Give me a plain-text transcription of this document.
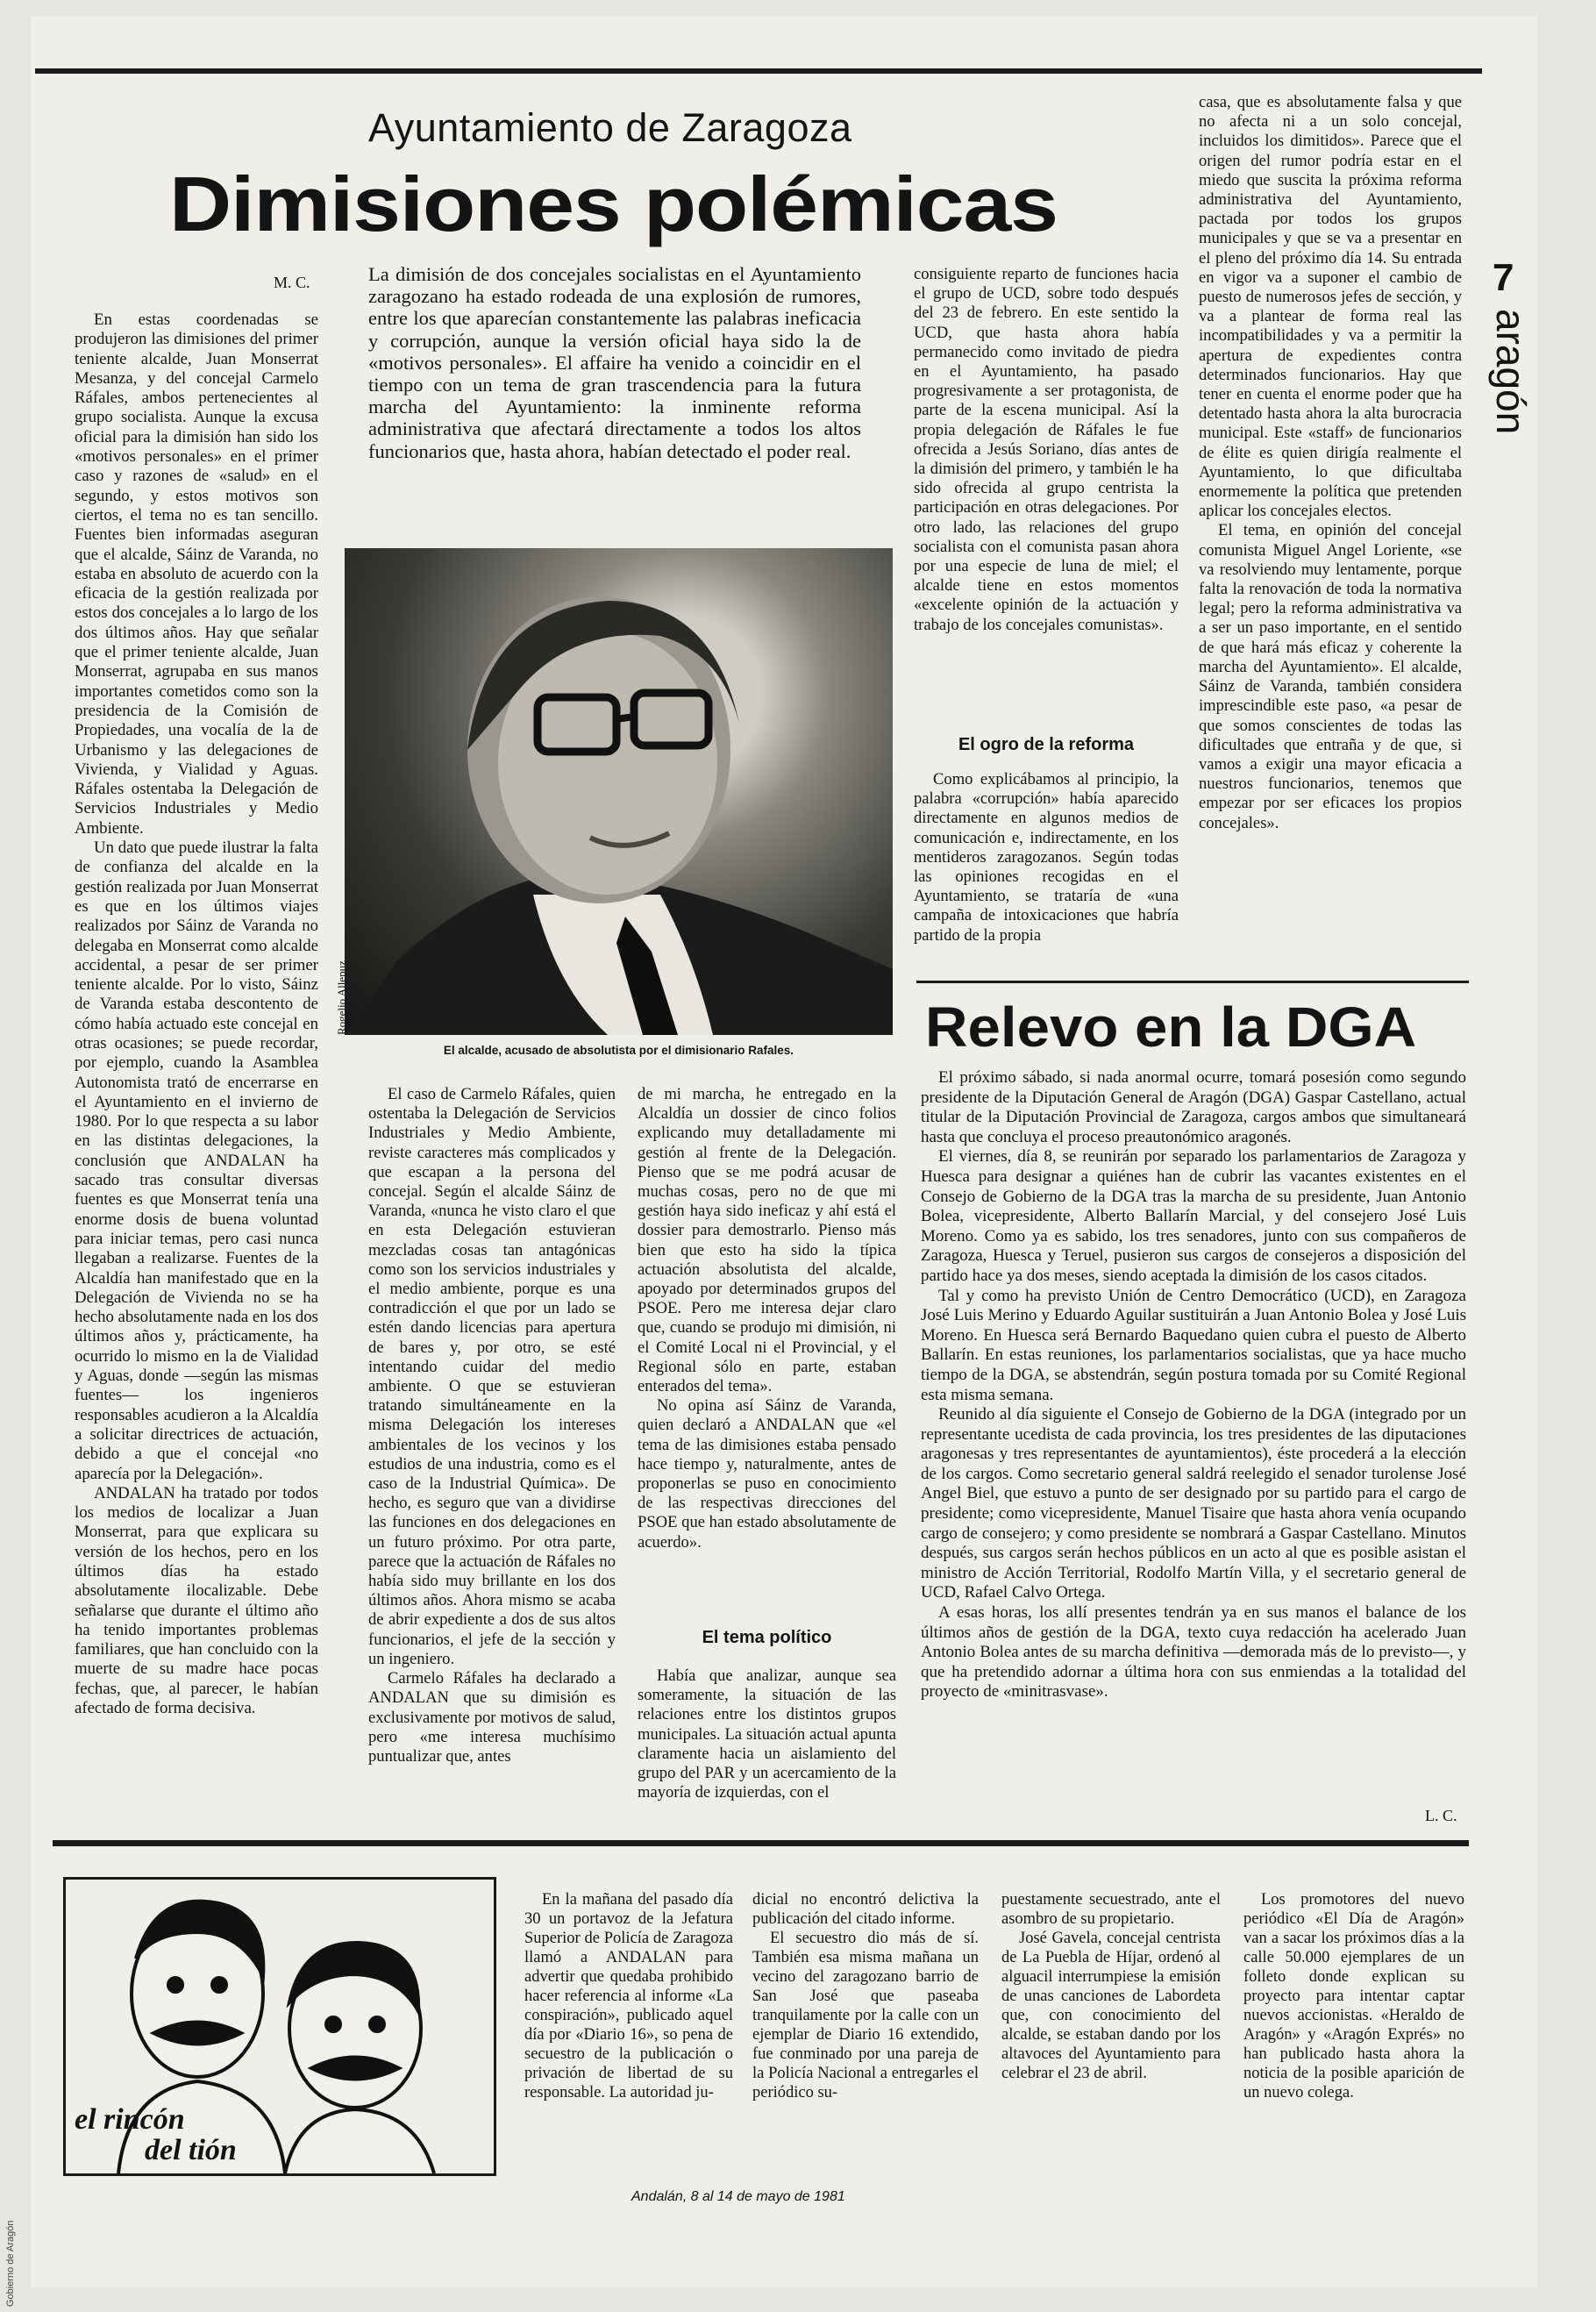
7
aragón
Ayuntamiento de Zaragoza
Dimisiones polémicas
M. C.

En estas coordenadas se produjeron las dimisiones del primer teniente alcalde, Juan Monserrat Mesanza, y del concejal Carmelo Ráfales, ambos pertenecientes al grupo socialista. Aunque la excusa oficial para la dimisión han sido los «motivos personales» en el primer caso y razones de «salud» en el segundo, y estos motivos son ciertos, el tema no es tan sencillo. Fuentes bien informadas aseguran que el alcalde, Sáinz de Varanda, no estaba en absoluto de acuerdo con la eficacia de la gestión realizada por estos dos concejales a lo largo de los dos últimos años. Hay que señalar que el primer teniente alcalde, Juan Monserrat, agrupaba en sus manos importantes cometidos como son la presidencia de la Comisión de Propiedades, una vocalía de la de Urbanismo y las delegaciones de Vivienda, y Vialidad y Aguas. Ráfales ostentaba la Delegación de Servicios Industriales y Medio Ambiente.

Un dato que puede ilustrar la falta de confianza del alcalde en la gestión realizada por Juan Monserrat es que en los últimos viajes realizados por Sáinz de Varanda no delegaba en Monserrat como alcalde accidental, a pesar de ser primer teniente alcalde. Por lo visto, Sáinz de Varanda estaba descontento de cómo había actuado este concejal en otras ocasiones; se puede recordar, por ejemplo, cuando la Asamblea Autonomista trató de encerrarse en el Ayuntamiento en el invierno de 1980. Por lo que respecta a su labor en las distintas delegaciones, la conclusión que ANDALAN ha sacado tras consultar diversas fuentes es que Monserrat tenía una enorme dosis de buena voluntad para iniciar temas, pero casi nunca llegaban a realizarse. Fuentes de la Alcaldía han manifestado que en la Delegación de Vivienda no se ha hecho absolutamente nada en los dos últimos años y, prácticamente, ha ocurrido lo mismo en la de Vialidad y Aguas, donde —según las mismas fuentes— los ingenieros responsables acudieron a la Alcaldía a solicitar directrices de actuación, debido a que el concejal «no aparecía por la Delegación».

ANDALAN ha tratado por todos los medios de localizar a Juan Monserrat, para que explicara su versión de los hechos, pero en los últimos días ha estado absolutamente ilocalizable. Debe señalarse que durante el último año ha tenido importantes problemas familiares, que han concluido con la muerte de su madre hace pocas fechas, que, al parecer, le habían afectado de forma decisiva.

La dimisión de dos concejales socialistas en el Ayuntamiento zaragozano ha estado rodeada de una explosión de rumores, entre los que aparecían constantemente las palabras ineficacia y corrupción, aunque la versión oficial haya sido la de «motivos personales». El affaire ha venido a coincidir en el tiempo con un tema de gran trascendencia para la futura marcha del Ayuntamiento: la inminente reforma administrativa que afectará directamente a todos los altos funcionarios que, hasta ahora, habían detectado el poder real.
Rogelio Allepuz
El alcalde, acusado de absolutista por el dimisionario Rafales.

El caso de Carmelo Ráfales, quien ostentaba la Delegación de Servicios Industriales y Medio Ambiente, reviste caracteres más complicados y que escapan a la persona del concejal. Según el alcalde Sáinz de Varanda, «nunca he visto claro el que en esta Delegación estuvieran mezcladas cosas tan antagónicas como son los servicios industriales y el medio ambiente, porque es una contradicción el que por un lado se estén dando licencias para apertura de bares y, por otro, se esté intentando cuidar del medio ambiente. O que se estuvieran tratando simultáneamente en la misma Delegación los intereses ambientales de los vecinos y los estudios de una industria, como es el caso de la Industrial Química». De hecho, es seguro que van a dividirse las funciones en dos delegaciones en un futuro próximo. Por otra parte, parece que la actuación de Ráfales no había sido muy brillante en los dos últimos años. Ahora mismo se acaba de abrir expediente a dos de sus altos funcionarios, el jefe de la sección y un ingeniero.

Carmelo Ráfales ha declarado a ANDALAN que su dimisión es exclusivamente por motivos de salud, pero «me interesa muchísimo puntualizar que, antes

de mi marcha, he entregado en la Alcaldía un dossier de cinco folios explicando muy detalladamente mi gestión al frente de la Delegación. Pienso que se me podrá acusar de muchas cosas, pero no de que mi gestión haya sido ineficaz y ahí está el dossier para demostrarlo. Pienso más bien que esto ha sido la típica actuación absolutista del alcalde, apoyado por determinados grupos del PSOE. Pero me interesa dejar claro que, cuando se produjo mi dimisión, ni el Comité Local ni el Provincial, y el Regional sólo en parte, estaban enterados del tema».

No opina así Sáinz de Varanda, quien declaró a ANDALAN que «el tema de las dimisiones estaba pensado hace tiempo y, naturalmente, antes de proponerlas se puso en conocimiento de las respectivas direcciones del PSOE que han estado absolutamente de acuerdo».

El tema político

Había que analizar, aunque sea someramente, la situación de las relaciones entre los distintos grupos municipales. La situación actual apunta claramente hacia un aislamiento del grupo del PAR y un acercamiento de la mayoría de izquierdas, con el

consiguiente reparto de funciones hacia el grupo de UCD, sobre todo después del 23 de febrero. En este sentido la UCD, que hasta ahora había permanecido como invitado de piedra en el Ayuntamiento, ha pasado progresivamente a ser protagonista, de parte de la escena municipal. Así la propia delegación de Ráfales le fue ofrecida a Jesús Soriano, días antes de la dimisión del primero, y también le ha sido ofrecida al grupo centrista la participación en otras delegaciones. Por otro lado, las relaciones del grupo socialista con el comunista pasan ahora por una especie de luna de miel; el alcalde tiene en estos momentos «excelente opinión de la actuación y trabajo de los concejales comunistas».

El ogro de la reforma

Como explicábamos al principio, la palabra «corrupción» había aparecido directamente en algunos medios de comunicación e, indirectamente, en los mentideros zaragozanos. Según todas las opiniones recogidas en el Ayuntamiento, se trataría de «una campaña de intoxicaciones que habría partido de la propia

casa, que es absolutamente falsa y que no afecta ni a un solo concejal, incluidos los dimitidos». Parece que el origen del rumor podría estar en el miedo que suscita la próxima reforma administrativa del Ayuntamiento, pactada por todos los grupos municipales y que se va a presentar en el pleno del próximo día 14. Su entrada en vigor va a suponer el cambio de puesto de numerosos jefes de sección, y va a plantear de forma real las incompatibilidades y va a permitir la apertura de expedientes contra determinados funcionarios. Hay que tener en cuenta el enorme poder que ha detentado hasta ahora la alta burocracia municipal. Este «staff» de funcionarios de élite es quien dirigía realmente el Ayuntamiento, lo que dificultaba enormemente la política que pretenden aplicar los concejales electos.

El tema, en opinión del concejal comunista Miguel Angel Loriente, «se va resolviendo muy lentamente, porque falta la renovación de toda la normativa legal; pero la reforma administrativa va a ser un paso importante, en el sentido de que hará más eficaz y coherente la marcha del Ayuntamiento». El alcalde, Sáinz de Varanda, también considera imprescindible este paso, «a pesar de que somos conscientes de todas las dificultades que entraña y de que, si vamos a exigir una mayor eficacia a nuestros funcionarios, tenemos que empezar por ser eficaces los propios concejales».

Relevo en la DGA

El próximo sábado, si nada anormal ocurre, tomará posesión como segundo presidente de la Diputación General de Aragón (DGA) Gaspar Castellano, actual titular de la Diputación Provincial de Zaragoza, cargos ambos que simultaneará hasta que concluya el proceso preautonómico aragonés.

El viernes, día 8, se reunirán por separado los parlamentarios de Zaragoza y Huesca para designar a quiénes han de cubrir las vacantes existentes en el Consejo de Gobierno de la DGA tras la marcha de su presidente, Juan Antonio Bolea, vicepresidente, Alberto Ballarín Marcial, y del consejero José Luis Moreno. Como ya es sabido, los tres senadores, junto con sus compañeros de Zaragoza, Huesca y Teruel, pusieron sus cargos de consejeros a disposición del partido hace ya dos meses, siendo aceptada la dimisión de los casos citados.

Tal y como ha previsto Unión de Centro Democrático (UCD), en Zaragoza José Luis Merino y Eduardo Aguilar sustituirán a Juan Antonio Bolea y José Luis Moreno. En Huesca será Bernardo Baquedano quien cubra el puesto de Alberto Ballarín. En estas reuniones, los parlamentarios socialistas, que ya hace mucho tiempo de la DGA, se abstendrán, según postura tomada por su Comité Regional esta misma semana.

Reunido al día siguiente el Consejo de Gobierno de la DGA (integrado por un representante ucedista de cada provincia, los tres presidentes de las diputaciones aragonesas y tres representantes de ayuntamientos), éste procederá a la elección de los cargos. Como secretario general saldrá reelegido el senador turolense José Angel Biel, que estuvo a punto de ser designado por su partido para el cargo de presidente; como vicepresidente, Manuel Tisaire que hasta ahora venía ocupando cargo de consejero; y como presidente se nombrará a Gaspar Castellano. Minutos después, sus cargos serán hechos públicos en un acto al que es posible asistan el ministro de Acción Territorial, Rodolfo Martín Villa, y el secretario general de UCD, Rafael Calvo Ortega.

A esas horas, los allí presentes tendrán ya en sus manos el balance de los últimos años de gestión de la DGA, texto cuya redacción ha acelerado Juan Antonio Bolea antes de su marcha definitiva —demorada más de lo previsto—, y que ha pretendido adornar a última hora con sus enmiendas a la totalidad del proyecto de «minitrasvase».

L. C.
el rincón
del tión

En la mañana del pasado día 30 un portavoz de la Jefatura Superior de Policía de Zaragoza llamó a ANDALAN para advertir que quedaba prohibido hacer referencia al informe «La conspiración», publicado aquel día por «Diario 16», so pena de secuestro de la publicación o privación de libertad de su responsable. La autoridad ju-

dicial no encontró delictiva la publicación del citado informe.

El secuestro dio más de sí. También esa misma mañana un vecino del zaragozano barrio de San José que paseaba tranquilamente por la calle con un ejemplar de Diario 16 extendido, fue conminado por una pareja de la Policía Nacional a entregarles el periódico su-

puestamente secuestrado, ante el asombro de su propietario.

José Gavela, concejal centrista de La Puebla de Híjar, ordenó al alguacil interrumpiese la emisión de unas canciones de Labordeta que, con conocimiento del alcalde, se estaban dando por los altavoces del Ayuntamiento para celebrar el 23 de abril.

Los promotores del nuevo periódico «El Día de Aragón» van a sacar los próximos días a la calle 50.000 ejemplares de un folleto donde explican su proyecto para intentar captar nuevos accionistas. «Heraldo de Aragón» y «Aragón Exprés» no han publicado hasta ahora la noticia de la posible aparición de un nuevo colega.

Andalán, 8 al 14 de mayo de 1981
Gobierno de Aragón
